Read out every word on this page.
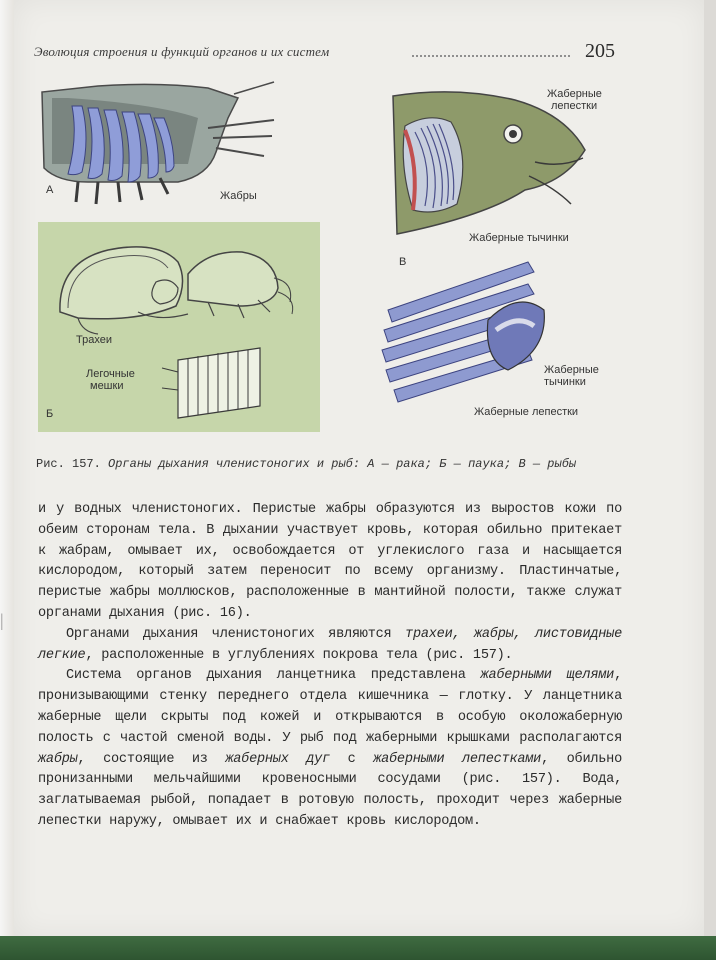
Эволюция строения и функций органов и их систем	205
А	Жабры
Трахеи
Легочные
мешки
Б
Жаберные
лепестки
Жаберные тычинки
В
Жаберные
тычинки
Жаберные лепестки
Рис. 157. Органы дыхания членистоногих и рыб: А — рака; Б — паука; В — рыбы

и у водных членистоногих. Перистые жабры образуются из выростов кожи по обеим сторонам тела. В дыхании участвует кровь, которая обильно притекает к жабрам, омывает их, освобождается от углекислого газа и насыщается кислородом, который затем переносит по всему организму. Пластинчатые, перистые жабры моллюсков, расположенные в мантийной полости, также служат органами дыхания (рис. 16).

Органами дыхания членистоногих являются трахеи, жабры, листовидные легкие, расположенные в углублениях покрова тела (рис. 157).

Система органов дыхания ланцетника представлена жаберными щелями, пронизывающими стенку переднего отдела кишечника — глотку. У ланцетника жаберные щели скрыты под кожей и открываются в особую околожаберную полость с частой сменой воды. У рыб под жаберными крышками располагаются жабры, состоящие из жаберных дуг с жаберными лепестками, обильно пронизанными мельчайшими кровеносными сосудами (рис. 157). Вода, заглатываемая рыбой, попадает в ротовую полость, проходит через жаберные лепестки наружу, омывает их и снабжает кровь кислородом.

|
